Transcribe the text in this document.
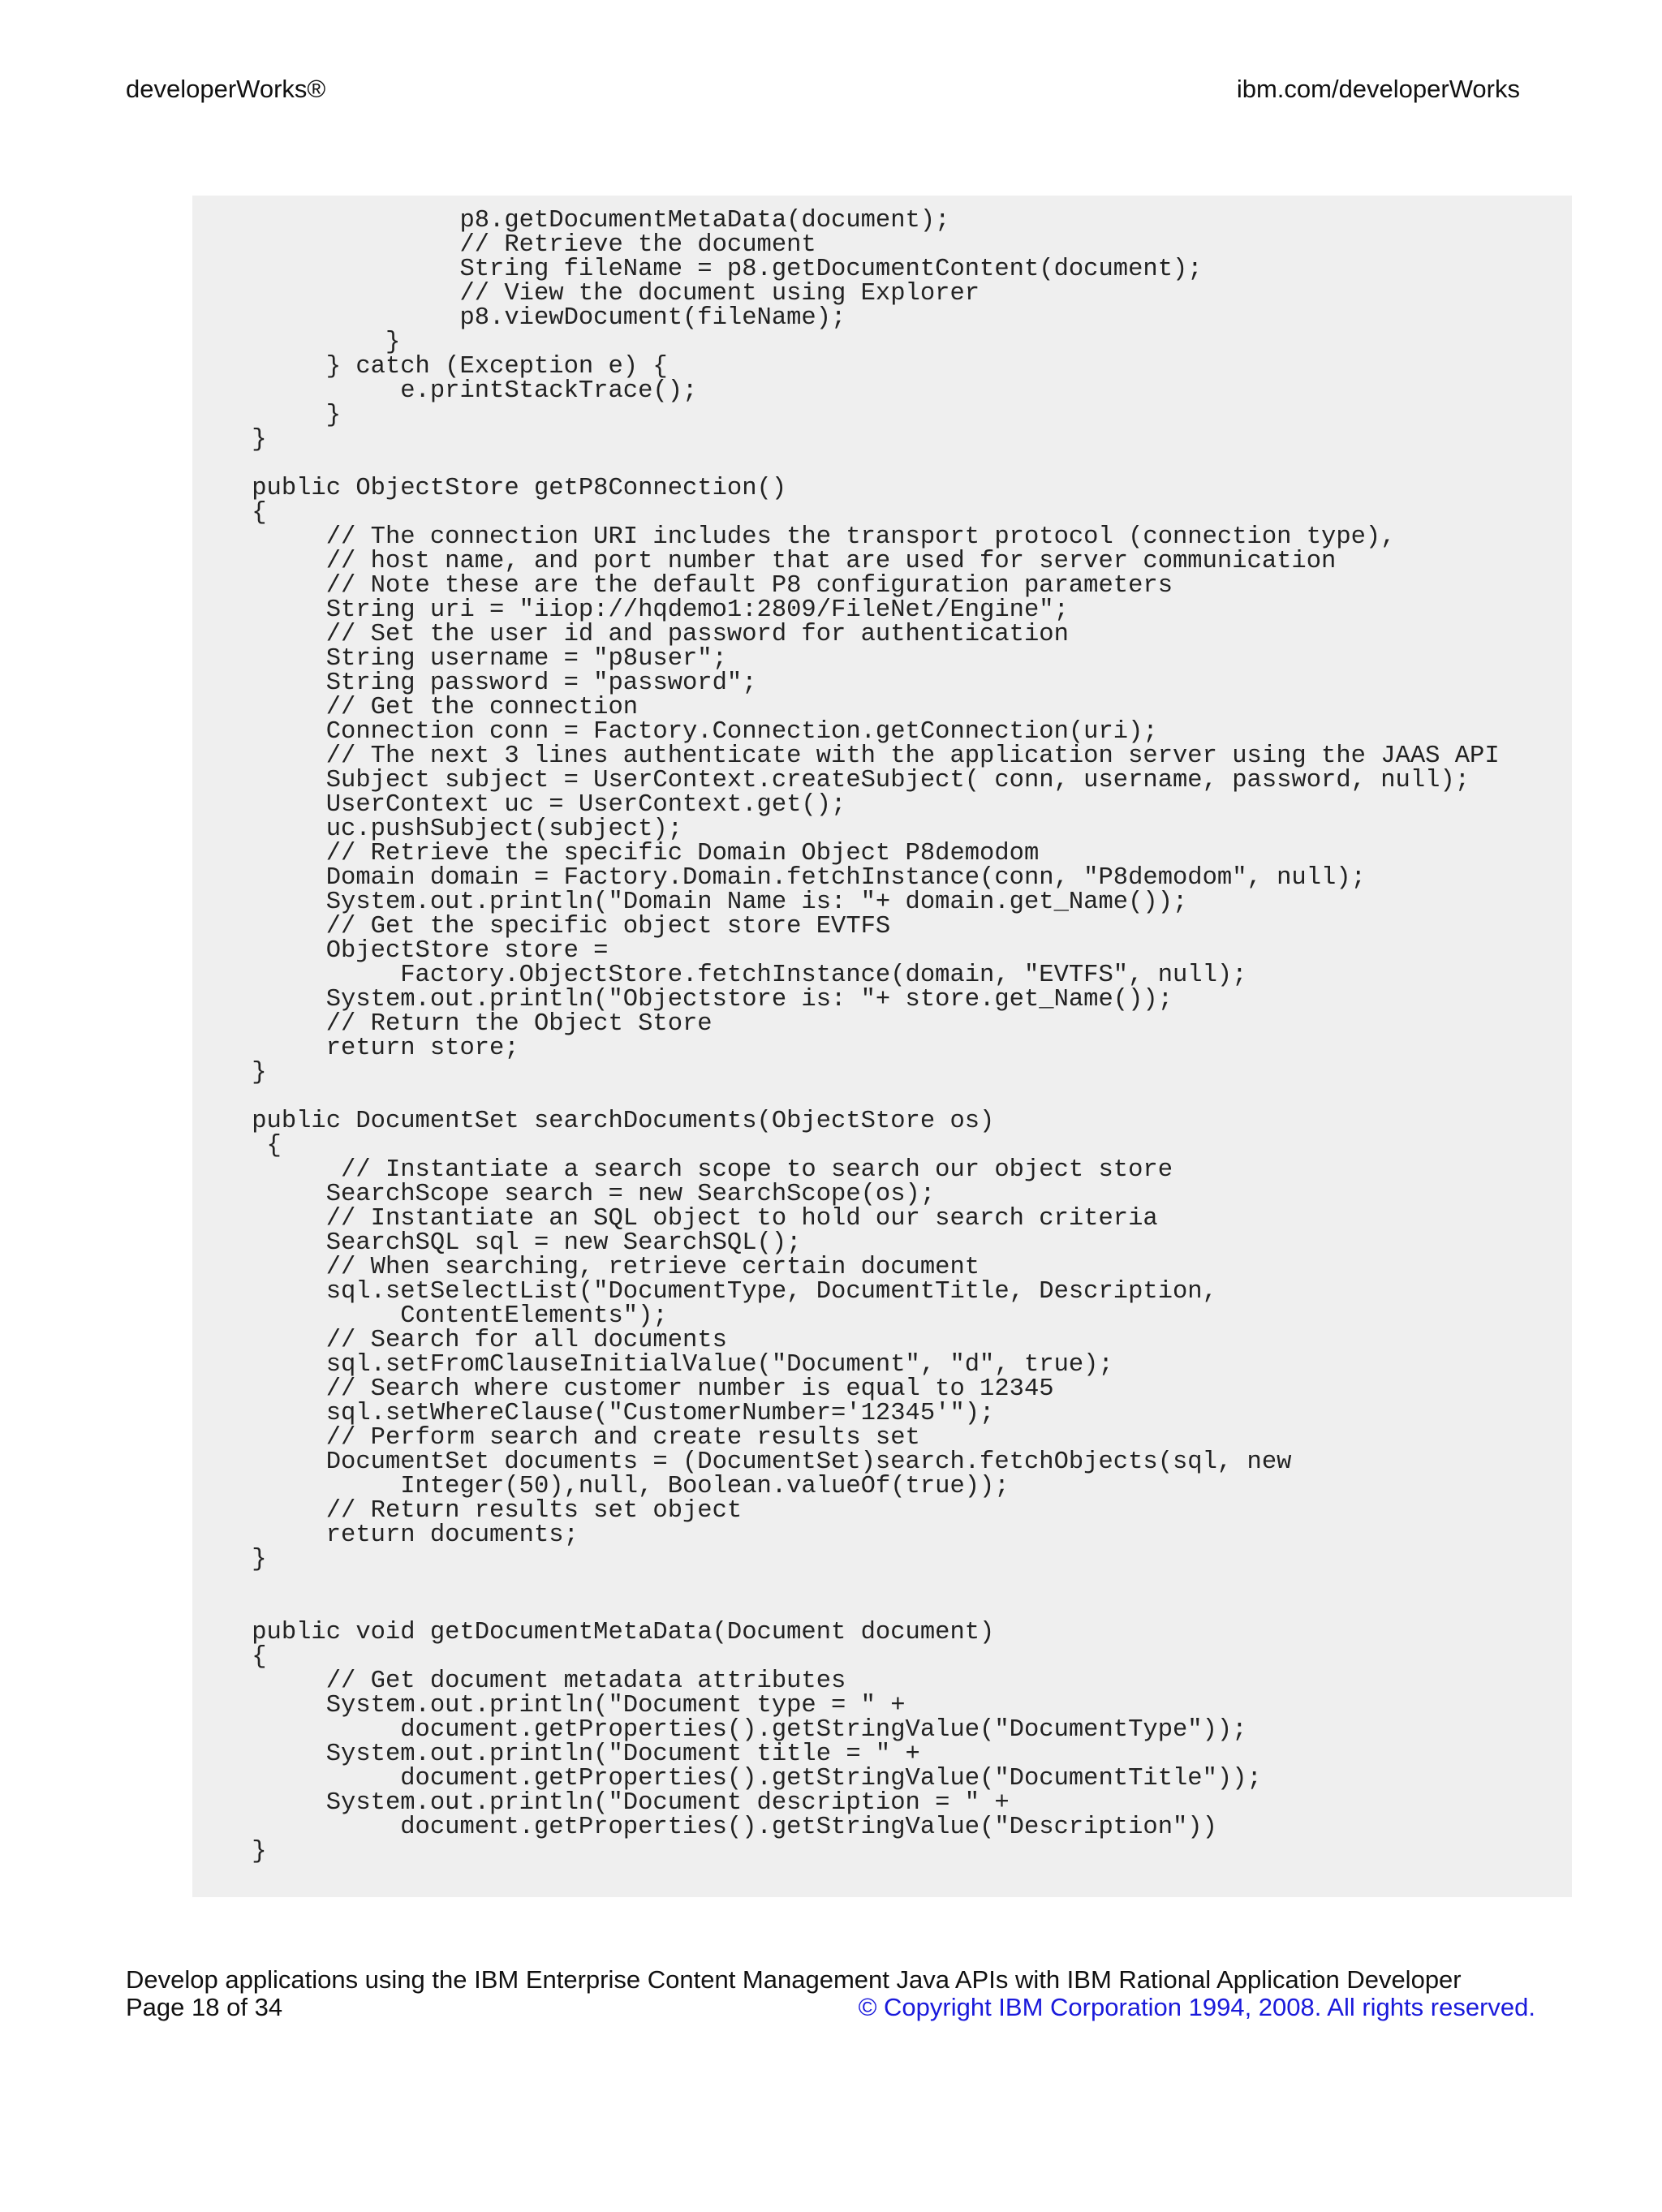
developerWorks®	ibm.com/developerWorks
p8.getDocumentMetaData(document);
// Retrieve the document
String fileName = p8.getDocumentContent(document);
// View the document using Explorer
p8.viewDocument(fileName);
}
} catch (Exception e) {
e.printStackTrace();
}
}
public ObjectStore getP8Connection()
{
// The connection URI includes the transport protocol (connection type),
// host name, and port number that are used for server communication
// Note these are the default P8 configuration parameters
String uri = "iiop://hqdemo1:2809/FileNet/Engine";
// Set the user id and password for authentication
String username = "p8user";
String password = "password";
// Get the connection
Connection conn = Factory.Connection.getConnection(uri);
// The next 3 lines authenticate with the application server using the JAAS API
Subject subject = UserContext.createSubject( conn, username, password, null);
UserContext uc = UserContext.get();
uc.pushSubject(subject);
// Retrieve the specific Domain Object P8demodom
Domain domain = Factory.Domain.fetchInstance(conn, "P8demodom", null);
System.out.println("Domain Name is: "+ domain.get_Name());
// Get the specific object store EVTFS
ObjectStore store =
Factory.ObjectStore.fetchInstance(domain, "EVTFS", null);
System.out.println("Objectstore is: "+ store.get_Name());
// Return the Object Store
return store;
}
public DocumentSet searchDocuments(ObjectStore os)
{
// Instantiate a search scope to search our object store
SearchScope search = new SearchScope(os);
// Instantiate an SQL object to hold our search criteria
SearchSQL sql = new SearchSQL();
// When searching, retrieve certain document
sql.setSelectList("DocumentType, DocumentTitle, Description,
ContentElements");
// Search for all documents
sql.setFromClauseInitialValue("Document", "d", true);
// Search where customer number is equal to 12345
sql.setWhereClause("CustomerNumber='12345'");
// Perform search and create results set
DocumentSet documents = (DocumentSet)search.fetchObjects(sql, new
Integer(50),null, Boolean.valueOf(true));
// Return results set object
return documents;
}
public void getDocumentMetaData(Document document)
{
// Get document metadata attributes
System.out.println("Document type = " +
document.getProperties().getStringValue("DocumentType"));
System.out.println("Document title = " +
document.getProperties().getStringValue("DocumentTitle"));
System.out.println("Document description = " +
document.getProperties().getStringValue("Description"))
}
Develop applications using the IBM Enterprise Content Management Java APIs with IBM Rational Application Developer
Page 18 of 34	© Copyright IBM Corporation 1994, 2008. All rights reserved.
